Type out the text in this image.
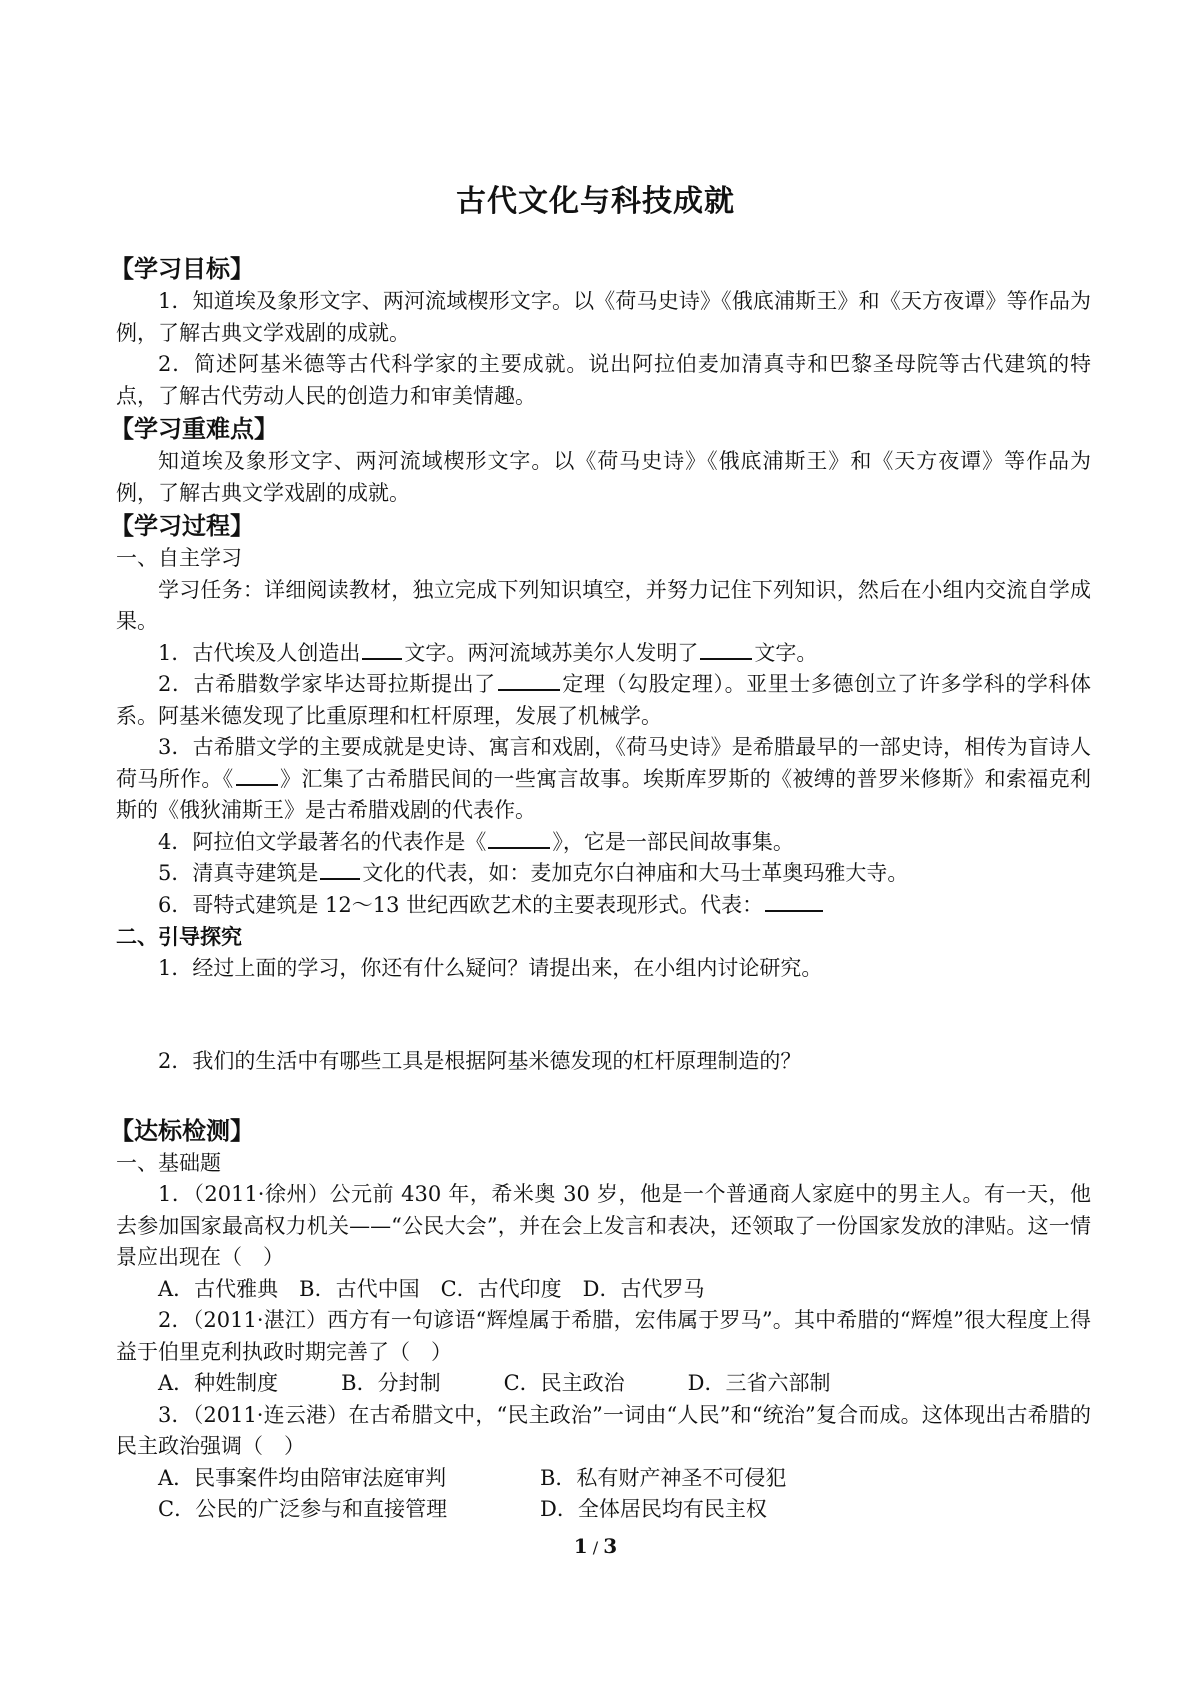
古代文化与科技成就
【学习目标】

1．知道埃及象形文字、两河流域楔形文字。以《荷马史诗》《俄底浦斯王》和《天方夜谭》等作品为例，了解古典文学戏剧的成就。

2．简述阿基米德等古代科学家的主要成就。说出阿拉伯麦加清真寺和巴黎圣母院等古代建筑的特点，了解古代劳动人民的创造力和审美情趣。

【学习重难点】

知道埃及象形文字、两河流域楔形文字。以《荷马史诗》《俄底浦斯王》和《天方夜谭》等作品为例，了解古典文学戏剧的成就。

【学习过程】

一、自主学习

学习任务：详细阅读教材，独立完成下列知识填空，并努力记住下列知识，然后在小组内交流自学成果。

1．古代埃及人创造出 文字。两河流域苏美尔人发明了	文字。

2．古希腊数学家毕达哥拉斯提出了	定理（勾股定理）。亚里士多德创立了许多学科的学科体系。阿基米德发现了比重原理和杠杆原理，发展了机械学。

3．古希腊文学的主要成就是史诗、寓言和戏剧，《荷马史诗》是希腊最早的一部史诗，相传为盲诗人荷马所作。《 》汇集了古希腊民间的一些寓言故事。埃斯库罗斯的《被缚的普罗米修斯》和索福克利斯的《俄狄浦斯王》是古希腊戏剧的代表作。

4．阿拉伯文学最著名的代表作是《	》，它是一部民间故事集。

5．清真寺建筑是 文化的代表，如：麦加克尔白神庙和大马士革奥玛雅大寺。

6．哥特式建筑是 12～13 世纪西欧艺术的主要表现形式。代表：

二、引导探究

1．经过上面的学习，你还有什么疑问？请提出来，在小组内讨论研究。

2．我们的生活中有哪些工具是根据阿基米德发现的杠杆原理制造的？

【达标检测】

一、基础题

1．（2011·徐州）公元前 430 年，希米奥 30 岁，他是一个普通商人家庭中的男主人。有一天，他去参加国家最高权力机关——“公民大会”，并在会上发言和表决，还领取了一份国家发放的津贴。这一情景应出现在（　）

A．古代雅典　B．古代中国　C．古代印度　D．古代罗马

2．（2011·湛江）西方有一句谚语“辉煌属于希腊，宏伟属于罗马”。其中希腊的“辉煌”很大程度上得益于伯里克利执政时期完善了（　）

A．种姓制度　　　B．分封制　　　C．民主政治　　　D．三省六部制

3．（2011·连云港）在古希腊文中，“民主政治”一词由“人民”和“统治”复合而成。这体现出古希腊的民主政治强调（　）

A．民事案件均由陪审法庭审判	B．私有财产神圣不可侵犯
C．公民的广泛参与和直接管理	D．全体居民均有民主权
1 / 3
